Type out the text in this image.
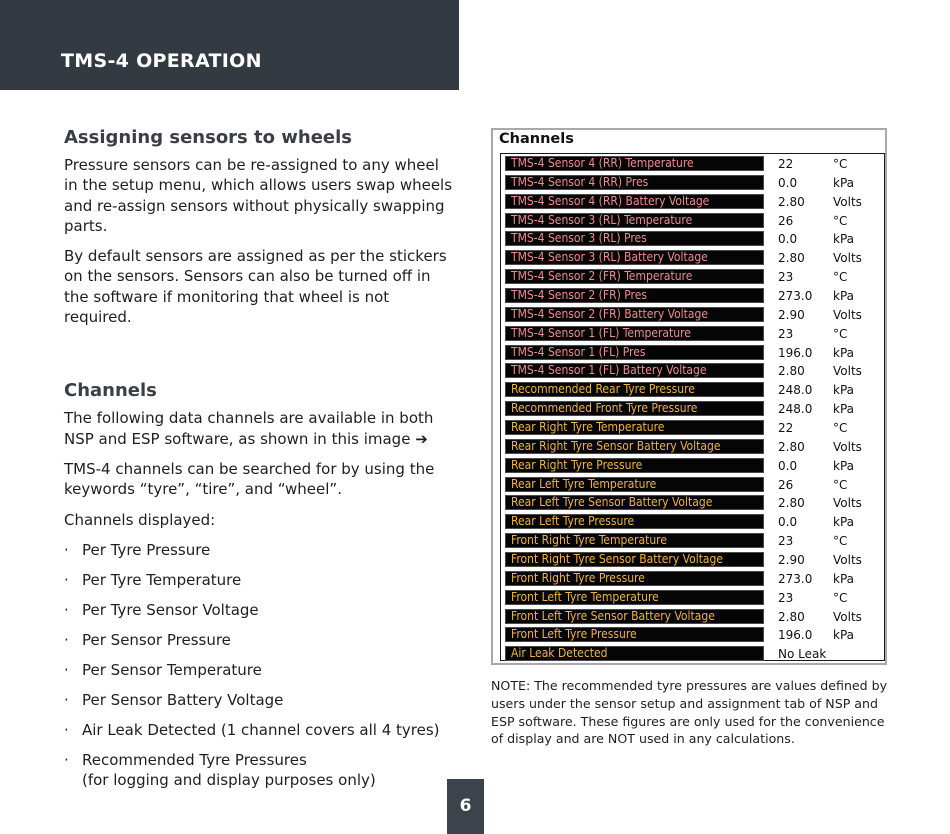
TMS-4 OPERATION
Assigning sensors to wheels

Pressure sensors can be re-assigned to any wheel in the setup menu, which allows users swap wheels and re-assign sensors without physically swapping parts.

By default sensors are assigned as per the stickers on the sensors. Sensors can also be turned off in the software if monitoring that wheel is not required.

Channels

The following data channels are available in both NSP and ESP software, as shown in this image ➔

TMS-4 channels can be searched for by using the keywords “tyre”, “tire”, and “wheel”.

Channels displayed:

· Per Tyre Pressure
· Per Tyre Temperature
· Per Tyre Sensor Voltage
· Per Sensor Pressure
· Per Sensor Temperature
· Per Sensor Battery Voltage
· Air Leak Detected (1 channel covers all 4 tyres)
· Recommended Tyre Pressures
(for logging and display purposes only)
Channels
TMS-4 Sensor 4 (RR) Temperature	22	°C
TMS-4 Sensor 4 (RR) Pres	0.0	kPa
TMS-4 Sensor 4 (RR) Battery Voltage	2.80 Volts
TMS-4 Sensor 3 (RL) Temperature	26	°C
TMS-4 Sensor 3 (RL) Pres	0.0	kPa
TMS-4 Sensor 3 (RL) Battery Voltage	2.80 Volts
TMS-4 Sensor 2 (FR) Temperature	23	°C
TMS-4 Sensor 2 (FR) Pres	273.0 kPa
TMS-4 Sensor 2 (FR) Battery Voltage	2.90 Volts
TMS-4 Sensor 1 (FL) Temperature	23	°C
TMS-4 Sensor 1 (FL) Pres	196.0 kPa
TMS-4 Sensor 1 (FL) Battery Voltage	2.80 Volts
Recommended Rear Tyre Pressure	248.0 kPa
Recommended Front Tyre Pressure	248.0 kPa
Rear Right Tyre Temperature	22	°C
Rear Right Tyre Sensor Battery Voltage	2.80 Volts
Rear Right Tyre Pressure	0.0	kPa
Rear Left Tyre Temperature	26	°C
Rear Left Tyre Sensor Battery Voltage	2.80 Volts
Rear Left Tyre Pressure	0.0	kPa
Front Right Tyre Temperature	23	°C
Front Right Tyre Sensor Battery Voltage	2.90 Volts
Front Right Tyre Pressure	273.0 kPa
Front Left Tyre Temperature	23	°C
Front Left Tyre Sensor Battery Voltage	2.80 Volts
Front Left Tyre Pressure	196.0 kPa
Air Leak Detected	No Leak

NOTE: The recommended tyre pressures are values defined by users under the sensor setup and assignment tab of NSP and ESP software. These figures are only used for the convenience of display and are NOT used in any calculations.

6
